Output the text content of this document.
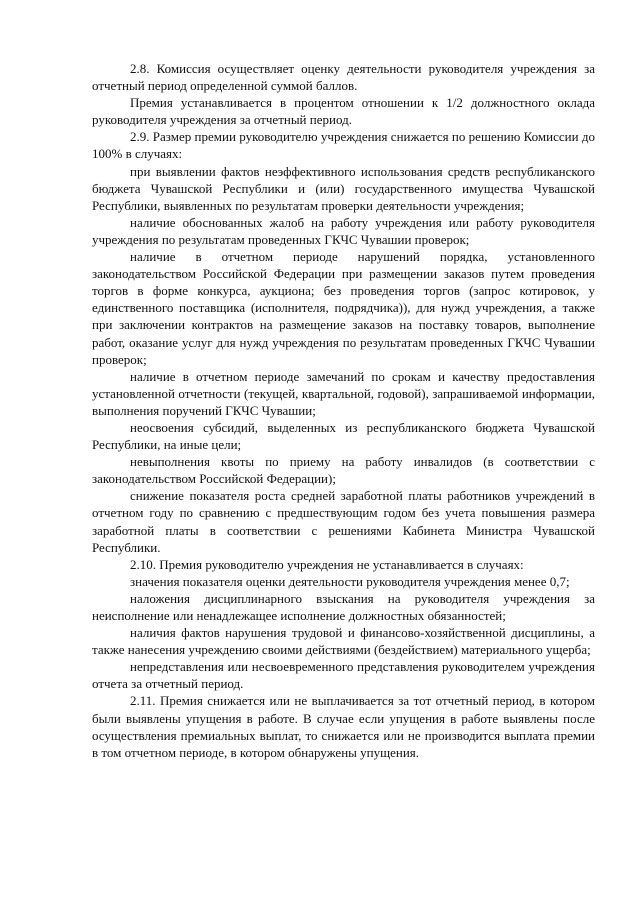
2.8. Комиссия осуществляет оценку деятельности руководителя учреждения за отчетный период определенной суммой баллов.

Премия устанавливается в процентом отношении к 1/2 должностного оклада руководителя учреждения за отчетный период.

2.9. Размер премии руководителю учреждения снижается по решению Комиссии до 100% в случаях:

при выявлении фактов неэффективного использования средств республиканского бюджета Чувашской Республики и (или) государственного имущества Чувашской Республики, выявленных по результатам проверки деятельности учреждения;

наличие обоснованных жалоб на работу учреждения или работу руководителя учреждения по результатам проведенных ГКЧС Чувашии проверок;

наличие в отчетном периоде нарушений порядка, установленного законодательством Российской Федерации при размещении заказов путем проведения торгов в форме конкурса, аукциона; без проведения торгов (запрос котировок, у единственного поставщика (исполнителя, подрядчика)), для нужд учреждения, а также при заключении контрактов на размещение заказов на поставку товаров, выполнение работ, оказание услуг для нужд учреждения по результатам проведенных ГКЧС Чувашии проверок;

наличие в отчетном периоде замечаний по срокам и качеству предоставления установленной отчетности (текущей, квартальной, годовой), запрашиваемой информации, выполнения поручений ГКЧС Чувашии;

неосвоения субсидий, выделенных из республиканского бюджета Чувашской Республики, на иные цели;

невыполнения квоты по приему на работу инвалидов (в соответствии с законодательством Российской Федерации);

снижение показателя роста средней заработной платы работников учреждений в отчетном году по сравнению с предшествующим годом без учета повышения размера заработной платы в соответствии с решениями Кабинета Министра Чувашской Республики.

2.10. Премия руководителю учреждения не устанавливается в случаях:

значения показателя оценки деятельности руководителя учреждения менее 0,7;

наложения дисциплинарного взыскания на руководителя учреждения за неисполнение или ненадлежащее исполнение должностных обязанностей;

наличия фактов нарушения трудовой и финансово-хозяйственной дисциплины, а также нанесения учреждению своими действиями (бездействием) материального ущерба;

непредставления или несвоевременного представления руководителем учреждения отчета за отчетный период.

2.11. Премия снижается или не выплачивается за тот отчетный период, в котором были выявлены упущения в работе. В случае если упущения в работе выявлены после осуществления премиальных выплат, то снижается или не производится выплата премии в том отчетном периоде, в котором обнаружены упущения.
